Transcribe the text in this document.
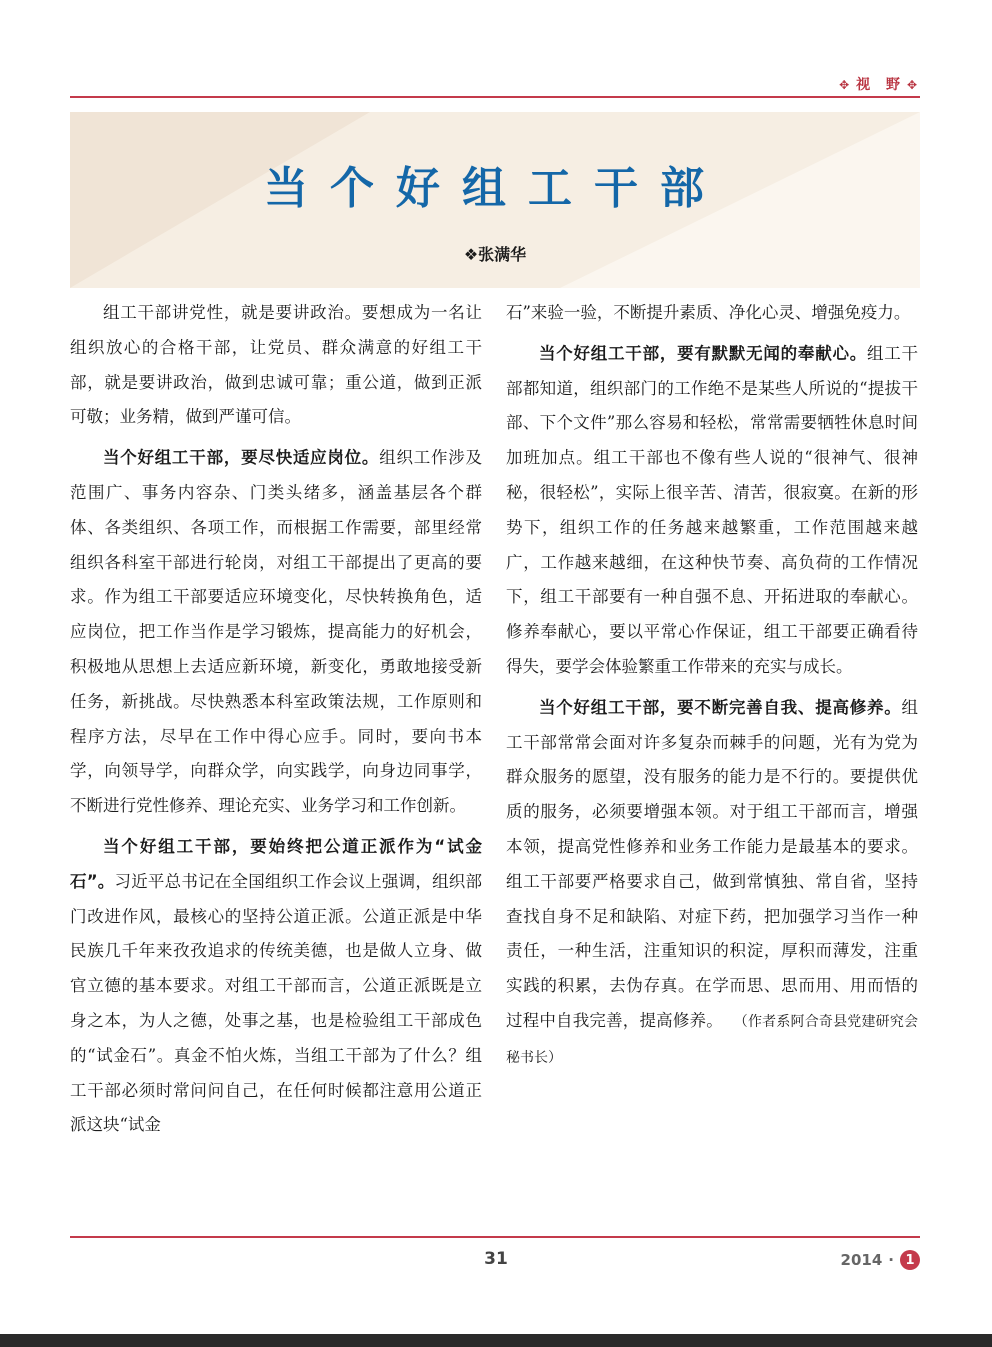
✥ 视　野 ✥
当个好组工干部
❖张满华

组工干部讲党性，就是要讲政治。要想成为一名让组织放心的合格干部，让党员、群众满意的好组工干部，就是要讲政治，做到忠诚可靠；重公道，做到正派可敬；业务精，做到严谨可信。

当个好组工干部，要尽快适应岗位。组织工作涉及范围广、事务内容杂、门类头绪多，涵盖基层各个群体、各类组织、各项工作，而根据工作需要，部里经常组织各科室干部进行轮岗，对组工干部提出了更高的要求。作为组工干部要适应环境变化，尽快转换角色，适应岗位，把工作当作是学习锻炼，提高能力的好机会，积极地从思想上去适应新环境，新变化，勇敢地接受新任务，新挑战。尽快熟悉本科室政策法规，工作原则和程序方法，尽早在工作中得心应手。同时，要向书本学，向领导学，向群众学，向实践学，向身边同事学，不断进行党性修养、理论充实、业务学习和工作创新。

当个好组工干部，要始终把公道正派作为“试金石”。习近平总书记在全国组织工作会议上强调，组织部门改进作风，最核心的坚持公道正派。公道正派是中华民族几千年来孜孜追求的传统美德，也是做人立身、做官立德的基本要求。对组工干部而言，公道正派既是立身之本，为人之德，处事之基，也是检验组工干部成色的“试金石”。真金不怕火炼，当组工干部为了什么？组工干部必须时常问问自己，在任何时候都注意用公道正派这块“试金

石”来验一验，不断提升素质、净化心灵、增强免疫力。

当个好组工干部，要有默默无闻的奉献心。组工干部都知道，组织部门的工作绝不是某些人所说的“提拔干部、下个文件”那么容易和轻松，常常需要牺牲休息时间加班加点。组工干部也不像有些人说的“很神气、很神秘，很轻松”，实际上很辛苦、清苦，很寂寞。在新的形势下，组织工作的任务越来越繁重，工作范围越来越广，工作越来越细，在这种快节奏、高负荷的工作情况下，组工干部要有一种自强不息、开拓进取的奉献心。修养奉献心，要以平常心作保证，组工干部要正确看待得失，要学会体验繁重工作带来的充实与成长。

当个好组工干部，要不断完善自我、提高修养。组工干部常常会面对许多复杂而棘手的问题，光有为党为群众服务的愿望，没有服务的能力是不行的。要提供优质的服务，必须要增强本领。对于组工干部而言，增强本领，提高党性修养和业务工作能力是最基本的要求。组工干部要严格要求自己，做到常慎独、常自省，坚持查找自身不足和缺陷、对症下药，把加强学习当作一种责任，一种生活，注重知识的积淀，厚积而薄发，注重实践的积累，去伪存真。在学而思、思而用、用而悟的过程中自我完善，提高修养。 （作者系阿合奇县党建研究会秘书长）

31	2014 · 1
